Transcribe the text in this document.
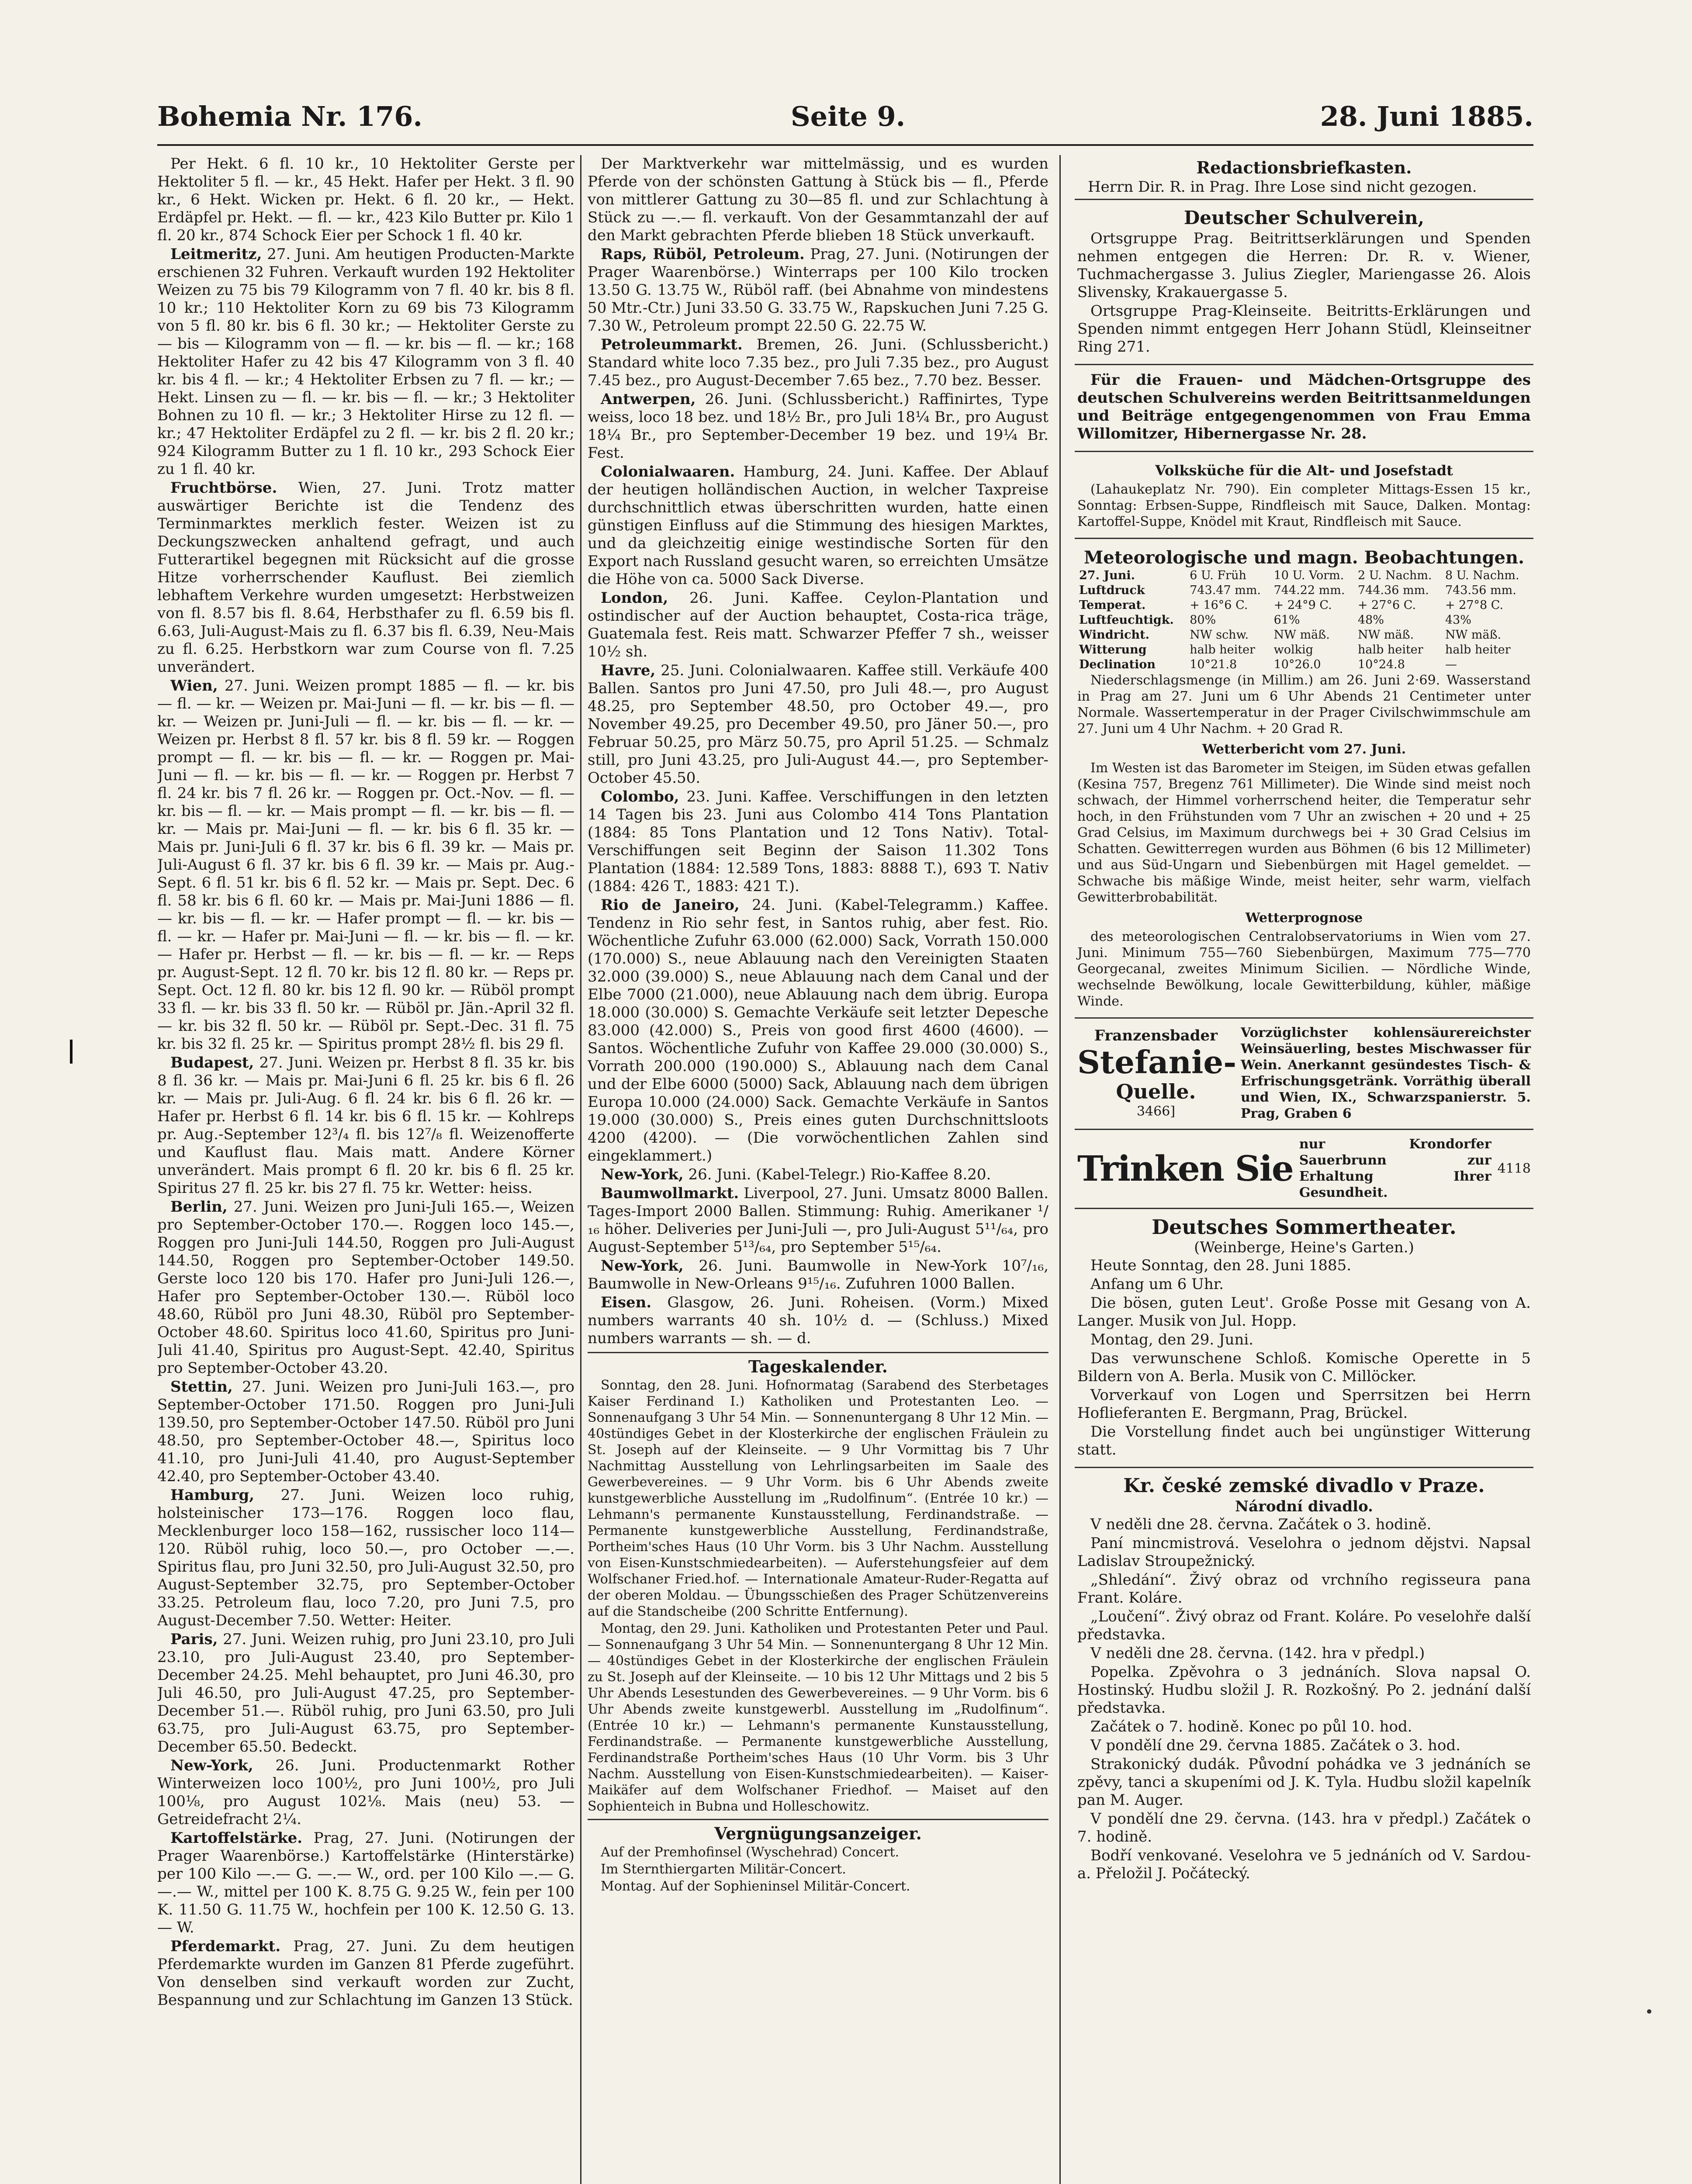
Bohemia Nr. 176.	Seite 9.	28. Juni 1885.
Per Hekt. 6 fl. 10 kr., 10 Hektoliter Gerste per Hektoliter 5 fl. — kr., 45 Hekt. Hafer per Hekt. 3 fl. 90 kr., 6 Hekt. Wicken pr. Hekt. 6 fl. 20 kr., — Hekt. Erdäpfel pr. Hekt. — fl. — kr., 423 Kilo Butter pr. Kilo 1 fl. 20 kr., 874 Schock Eier per Schock 1 fl. 40 kr.
Leitmeritz, 27. Juni. Am heutigen Producten-Markte erschienen 32 Fuhren. Verkauft wurden 192 Hektoliter Weizen zu 75 bis 79 Kilogramm von 7 fl. 40 kr. bis 8 fl. 10 kr.; 110 Hektoliter Korn zu 69 bis 73 Kilogramm von 5 fl. 80 kr. bis 6 fl. 30 kr.; — Hektoliter Gerste zu — bis — Kilogramm von — fl. — kr. bis — fl. — kr.; 168 Hektoliter Hafer zu 42 bis 47 Kilogramm von 3 fl. 40 kr. bis 4 fl. — kr.; 4 Hektoliter Erbsen zu 7 fl. — kr.; — Hekt. Linsen zu — fl. — kr. bis — fl. — kr.; 3 Hektoliter Bohnen zu 10 fl. — kr.; 3 Hektoliter Hirse zu 12 fl. — kr.; 47 Hektoliter Erdäpfel zu 2 fl. — kr. bis 2 fl. 20 kr.; 924 Kilogramm Butter zu 1 fl. 10 kr., 293 Schock Eier zu 1 fl. 40 kr.
Fruchtbörse. Wien, 27. Juni. Trotz matter auswärtiger Berichte ist die Tendenz des Terminmarktes merklich fester. Weizen ist zu Deckungszwecken anhaltend gefragt, und auch Futterartikel begegnen mit Rücksicht auf die grosse Hitze vorherrschender Kauflust. Bei ziemlich lebhaftem Verkehre wurden umgesetzt: Herbstweizen von fl. 8.57 bis fl. 8.64, Herbsthafer zu fl. 6.59 bis fl. 6.63, Juli-August-Mais zu fl. 6.37 bis fl. 6.39, Neu-Mais zu fl. 6.25. Herbstkorn war zum Course von fl. 7.25 unverändert.
Wien, 27. Juni. Weizen prompt 1885 — fl. — kr. bis — fl. — kr. — Weizen pr. Mai-Juni — fl. — kr. bis — fl. — kr. — Weizen pr. Juni-Juli — fl. — kr. bis — fl. — kr. — Weizen pr. Herbst 8 fl. 57 kr. bis 8 fl. 59 kr. — Roggen prompt — fl. — kr. bis — fl. — kr. — Roggen pr. Mai-Juni — fl. — kr. bis — fl. — kr. — Roggen pr. Herbst 7 fl. 24 kr. bis 7 fl. 26 kr. — Roggen pr. Oct.-Nov. — fl. — kr. bis — fl. — kr. — Mais prompt — fl. — kr. bis — fl. — kr. — Mais pr. Mai-Juni — fl. — kr. bis 6 fl. 35 kr. — Mais pr. Juni-Juli 6 fl. 37 kr. bis 6 fl. 39 kr. — Mais pr. Juli-August 6 fl. 37 kr. bis 6 fl. 39 kr. — Mais pr. Aug.-Sept. 6 fl. 51 kr. bis 6 fl. 52 kr. — Mais pr. Sept. Dec. 6 fl. 58 kr. bis 6 fl. 60 kr. — Mais pr. Mai-Juni 1886 — fl. — kr. bis — fl. — kr. — Hafer prompt — fl. — kr. bis — fl. — kr. — Hafer pr. Mai-Juni — fl. — kr. bis — fl. — kr. — Hafer pr. Herbst — fl. — kr. bis — fl. — kr. — Reps pr. August-Sept. 12 fl. 70 kr. bis 12 fl. 80 kr. — Reps pr. Sept. Oct. 12 fl. 80 kr. bis 12 fl. 90 kr. — Rüböl prompt 33 fl. — kr. bis 33 fl. 50 kr. — Rüböl pr. Jän.-April 32 fl. — kr. bis 32 fl. 50 kr. — Rüböl pr. Sept.-Dec. 31 fl. 75 kr. bis 32 fl. 25 kr. — Spiritus prompt 28½ fl. bis 29 fl.
Budapest, 27. Juni. Weizen pr. Herbst 8 fl. 35 kr. bis 8 fl. 36 kr. — Mais pr. Mai-Juni 6 fl. 25 kr. bis 6 fl. 26 kr. — Mais pr. Juli-Aug. 6 fl. 24 kr. bis 6 fl. 26 kr. — Hafer pr. Herbst 6 fl. 14 kr. bis 6 fl. 15 kr. — Kohlreps pr. Aug.-September 12³/₄ fl. bis 12⁷/₈ fl. Weizenofferte und Kauflust flau. Mais matt. Andere Körner unverändert. Mais prompt 6 fl. 20 kr. bis 6 fl. 25 kr. Spiritus 27 fl. 25 kr. bis 27 fl. 75 kr. Wetter: heiss.
Berlin, 27. Juni. Weizen pro Juni-Juli 165.—, Weizen pro September-October 170.—. Roggen loco 145.—, Roggen pro Juni-Juli 144.50, Roggen pro Juli-August 144.50, Roggen pro September-October 149.50. Gerste loco 120 bis 170. Hafer pro Juni-Juli 126.—, Hafer pro September-October 130.—. Rüböl loco 48.60, Rüböl pro Juni 48.30, Rüböl pro September-October 48.60. Spiritus loco 41.60, Spiritus pro Juni-Juli 41.40, Spiritus pro August-Sept. 42.40, Spiritus pro September-October 43.20.
Stettin, 27. Juni. Weizen pro Juni-Juli 163.—, pro September-October 171.50. Roggen pro Juni-Juli 139.50, pro September-October 147.50. Rüböl pro Juni 48.50, pro September-October 48.—, Spiritus loco 41.10, pro Juni-Juli 41.40, pro August-September 42.40, pro September-October 43.40.
Hamburg, 27. Juni. Weizen loco ruhig, holsteinischer 173—176. Roggen loco flau, Mecklenburger loco 158—162, russischer loco 114—120. Rüböl ruhig, loco 50.—, pro October —.—. Spiritus flau, pro Juni 32.50, pro Juli-August 32.50, pro August-September 32.75, pro September-October 33.25. Petroleum flau, loco 7.20, pro Juni 7.5, pro August-December 7.50. Wetter: Heiter.
Paris, 27. Juni. Weizen ruhig, pro Juni 23.10, pro Juli 23.10, pro Juli-August 23.40, pro September-December 24.25. Mehl behauptet, pro Juni 46.30, pro Juli 46.50, pro Juli-August 47.25, pro September-December 51.—. Rüböl ruhig, pro Juni 63.50, pro Juli 63.75, pro Juli-August 63.75, pro September-December 65.50. Bedeckt.
New-York, 26. Juni. Productenmarkt Rother Winterweizen loco 100½, pro Juni 100½, pro Juli 100⅛, pro August 102⅛. Mais (neu) 53. — Getreidefracht 2¼.
Kartoffelstärke. Prag, 27. Juni. (Notirungen der Prager Waarenbörse.) Kartoffelstärke (Hinterstärke) per 100 Kilo —.— G. —.— W., ord. per 100 Kilo —.— G. —.— W., mittel per 100 K. 8.75 G. 9.25 W., fein per 100 K. 11.50 G. 11.75 W., hochfein per 100 K. 12.50 G. 13.— W.
Pferdemarkt. Prag, 27. Juni. Zu dem heutigen Pferdemarkte wurden im Ganzen 81 Pferde zugeführt. Von denselben sind verkauft worden zur Zucht, Bespannung und zur Schlachtung im Ganzen 13 Stück.
Der Marktverkehr war mittelmässig, und es wurden Pferde von der schönsten Gattung à Stück bis — fl., Pferde von mittlerer Gattung zu 30—85 fl. und zur Schlachtung à Stück zu —.— fl. verkauft. Von der Gesammtanzahl der auf den Markt gebrachten Pferde blieben 18 Stück unverkauft.
Raps, Rüböl, Petroleum. Prag, 27. Juni. (Notirungen der Prager Waarenbörse.) Winterraps per 100 Kilo trocken 13.50 G. 13.75 W., Rüböl raff. (bei Abnahme von mindestens 50 Mtr.-Ctr.) Juni 33.50 G. 33.75 W., Rapskuchen Juni 7.25 G. 7.30 W., Petroleum prompt 22.50 G. 22.75 W.
Petroleummarkt. Bremen, 26. Juni. (Schlussbericht.) Standard white loco 7.35 bez., pro Juli 7.35 bez., pro August 7.45 bez., pro August-December 7.65 bez., 7.70 bez. Besser.
Antwerpen, 26. Juni. (Schlussbericht.) Raffinirtes, Type weiss, loco 18 bez. und 18½ Br., pro Juli 18¼ Br., pro August 18¼ Br., pro September-December 19 bez. und 19¼ Br. Fest.
Colonialwaaren. Hamburg, 24. Juni. Kaffee. Der Ablauf der heutigen holländischen Auction, in welcher Taxpreise durchschnittlich etwas überschritten wurden, hatte einen günstigen Einfluss auf die Stimmung des hiesigen Marktes, und da gleichzeitig einige westindische Sorten für den Export nach Russland gesucht waren, so erreichten Umsätze die Höhe von ca. 5000 Sack Diverse.
London, 26. Juni. Kaffee. Ceylon-Plantation und ostindischer auf der Auction behauptet, Costa-rica träge, Guatemala fest. Reis matt. Schwarzer Pfeffer 7 sh., weisser 10½ sh.
Havre, 25. Juni. Colonialwaaren. Kaffee still. Verkäufe 400 Ballen. Santos pro Juni 47.50, pro Juli 48.—, pro August 48.25, pro September 48.50, pro October 49.—, pro November 49.25, pro December 49.50, pro Jäner 50.—, pro Februar 50.25, pro März 50.75, pro April 51.25. — Schmalz still, pro Juni 43.25, pro Juli-August 44.—, pro September-October 45.50.
Colombo, 23. Juni. Kaffee. Verschiffungen in den letzten 14 Tagen bis 23. Juni aus Colombo 414 Tons Plantation (1884: 85 Tons Plantation und 12 Tons Nativ). Total-Verschiffungen seit Beginn der Saison 11.302 Tons Plantation (1884: 12.589 Tons, 1883: 8888 T.), 693 T. Nativ (1884: 426 T., 1883: 421 T.).
Rio de Janeiro, 24. Juni. (Kabel-Telegramm.) Kaffee. Tendenz in Rio sehr fest, in Santos ruhig, aber fest. Rio. Wöchentliche Zufuhr 63.000 (62.000) Sack, Vorrath 150.000 (170.000) S., neue Ablauung nach den Vereinigten Staaten 32.000 (39.000) S., neue Ablauung nach dem Canal und der Elbe 7000 (21.000), neue Ablauung nach dem übrig. Europa 18.000 (30.000) S. Gemachte Verkäufe seit letzter Depesche 83.000 (42.000) S., Preis von good first 4600 (4600). — Santos. Wöchentliche Zufuhr von Kaffee 29.000 (30.000) S., Vorrath 200.000 (190.000) S., Ablauung nach dem Canal und der Elbe 6000 (5000) Sack, Ablauung nach dem übrigen Europa 10.000 (24.000) Sack. Gemachte Verkäufe in Santos 19.000 (30.000) S., Preis eines guten Durchschnittsloots 4200 (4200). — (Die vorwöchentlichen Zahlen sind eingeklammert.)
New-York, 26. Juni. (Kabel-Telegr.) Rio-Kaffee 8.20.
Baumwollmarkt. Liverpool, 27. Juni. Umsatz 8000 Ballen. Tages-Import 2000 Ballen. Stimmung: Ruhig. Amerikaner ¹/₁₆ höher. Deliveries per Juni-Juli —, pro Juli-August 5¹¹/₆₄, pro August-September 5¹³/₆₄, pro September 5¹⁵/₆₄.
New-York, 26. Juni. Baumwolle in New-York 10⁷/₁₆, Baumwolle in New-Orleans 9¹⁵/₁₆. Zufuhren 1000 Ballen.
Eisen. Glasgow, 26. Juni. Roheisen. (Vorm.) Mixed numbers warrants 40 sh. 10½ d. — (Schluss.) Mixed numbers warrants — sh. — d.
Tageskalender.
Sonntag, den 28. Juni. Hofnormatag (Sarabend des Sterbetages Kaiser Ferdinand I.) Katholiken und Protestanten Leo. — Sonnenaufgang 3 Uhr 54 Min. — Sonnenuntergang 8 Uhr 12 Min. — 40stündiges Gebet in der Klosterkirche der englischen Fräulein zu St. Joseph auf der Kleinseite. — 9 Uhr Vormittag bis 7 Uhr Nachmittag Ausstellung von Lehrlingsarbeiten im Saale des Gewerbevereines. — 9 Uhr Vorm. bis 6 Uhr Abends zweite kunstgewerbliche Ausstellung im „Rudolfinum“. (Entrée 10 kr.) — Lehmann's permanente Kunstausstellung, Ferdinandstraße. — Permanente kunstgewerbliche Ausstellung, Ferdinandstraße, Portheim'sches Haus (10 Uhr Vorm. bis 3 Uhr Nachm. Ausstellung von Eisen-Kunstschmiedearbeiten). — Auferstehungsfeier auf dem Wolfschaner Fried.hof. — Internationale Amateur-Ruder-Regatta auf der oberen Moldau. — Übungsschießen des Prager Schützenvereins auf die Standscheibe (200 Schritte Entfernung).
Montag, den 29. Juni. Katholiken und Protestanten Peter und Paul. — Sonnenaufgang 3 Uhr 54 Min. — Sonnenuntergang 8 Uhr 12 Min. — 40stündiges Gebet in der Klosterkirche der englischen Fräulein zu St. Joseph auf der Kleinseite. — 10 bis 12 Uhr Mittags und 2 bis 5 Uhr Abends Lesestunden des Gewerbevereines. — 9 Uhr Vorm. bis 6 Uhr Abends zweite kunstgewerbl. Ausstellung im „Rudolfinum“. (Entrée 10 kr.) — Lehmann's permanente Kunstausstellung, Ferdinandstraße. — Permanente kunstgewerbliche Ausstellung, Ferdinandstraße Portheim'sches Haus (10 Uhr Vorm. bis 3 Uhr Nachm. Ausstellung von Eisen-Kunstschmiedearbeiten). — Kaiser-Maikäfer auf dem Wolfschaner Friedhof. — Maiset auf den Sophienteich in Bubna und Holleschowitz.
Vergnügungsanzeiger.
Auf der Premhofinsel (Wyschehrad) Concert.
Im Sternthiergarten Militär-Concert.
Montag. Auf der Sophieninsel Militär-Concert.
Redactionsbriefkasten.
Herrn Dir. R. in Prag. Ihre Lose sind nicht gezogen.
Deutscher Schulverein,
Ortsgruppe Prag. Beitrittserklärungen und Spenden nehmen entgegen die Herren: Dr. R. v. Wiener, Tuchmachergasse 3. Julius Ziegler, Mariengasse 26. Alois Slivensky, Krakauergasse 5.
Ortsgruppe Prag-Kleinseite. Beitritts-Erklärungen und Spenden nimmt entgegen Herr Johann Stüdl, Kleinseitner Ring 271.
Für die Frauen- und Mädchen-Ortsgruppe des deutschen Schulvereins werden Beitrittsanmeldungen und Beiträge entgegengenommen von Frau Emma Willomitzer, Hibernergasse Nr. 28.
Volksküche für die Alt- und Josefstadt
(Lahaukeplatz Nr. 790). Ein completer Mittags-Essen 15 kr., Sonntag: Erbsen-Suppe, Rindfleisch mit Sauce, Dalken. Montag: Kartoffel-Suppe, Knödel mit Kraut, Rindfleisch mit Sauce.
Meteorologische und magn. Beobachtungen.
27. Juni.	6 U. Früh	10 U. Vorm.	2 U. Nachm.	8 U. Nachm.
Luftdruck	743.47 mm.	744.22 mm.	744.36 mm.	743.56 mm.
Temperat.	+ 16°6 C.	+ 24°9 C.	+ 27°6 C.	+ 27°8 C.
Luftfeuchtigk.	80%	61%	48%	43%
Windricht.	NW schw.	NW mäß.	NW mäß.	NW mäß.
Witterung	halb heiter	wolkig	halb heiter	halb heiter
Declination	10°21.8	10°26.0	10°24.8	—
Niederschlagsmenge (in Millim.) am 26. Juni 2·69. Wasserstand in Prag am 27. Juni um 6 Uhr Abends 21 Centimeter unter Normale. Wassertemperatur in der Prager Civilschwimmschule am 27. Juni um 4 Uhr Nachm. + 20 Grad R.
Wetterbericht vom 27. Juni.
Im Westen ist das Barometer im Steigen, im Süden etwas gefallen (Kesina 757, Bregenz 761 Millimeter). Die Winde sind meist noch schwach, der Himmel vorherrschend heiter, die Temperatur sehr hoch, in den Frühstunden vom 7 Uhr an zwischen + 20 und + 25 Grad Celsius, im Maximum durchwegs bei + 30 Grad Celsius im Schatten. Gewitterregen wurden aus Böhmen (6 bis 12 Millimeter) und aus Süd-Ungarn und Siebenbürgen mit Hagel gemeldet. — Schwache bis mäßige Winde, meist heiter, sehr warm, vielfach Gewitterbrobabilität.
Wetterprognose
des meteorologischen Centralobservatoriums in Wien vom 27. Juni. Minimum 755—760 Siebenbürgen, Maximum 775—770 Georgecanal, zweites Minimum Sicilien. — Nördliche Winde, wechselnde Bewölkung, locale Gewitterbildung, kühler, mäßige Winde.
Franzensbader
Stefanie-
Quelle.
3466]
Vorzüglichster kohlensäurereichster Weinsäuerling, bestes Mischwasser für Wein. Anerkannt gesündestes Tisch- & Erfrischungsgetränk. Vorräthig überall und Wien, IX., Schwarzspanierstr. 5. Prag, Graben 6
Trinken Sie
nur Krondorfer Sauerbrunn zur Erhaltung Ihrer Gesundheit.
4118
Deutsches Sommertheater.
(Weinberge, Heine's Garten.)
Heute Sonntag, den 28. Juni 1885.
Anfang um 6 Uhr.
Die bösen, guten Leut'. Große Posse mit Gesang von A. Langer. Musik von Jul. Hopp.
Montag, den 29. Juni.
Das verwunschene Schloß. Komische Operette in 5 Bildern von A. Berla. Musik von C. Millöcker.
Vorverkauf von Logen und Sperrsitzen bei Herrn Hoflieferanten E. Bergmann, Prag, Brückel.
Die Vorstellung findet auch bei ungünstiger Witterung statt.
Kr. české zemské divadlo v Praze.
Národní divadlo.
V neděli dne 28. června. Začátek o 3. hodině.
Paní mincmistrová. Veselohra o jednom dějstvi. Napsal Ladislav Stroupežnický.
„Shledání“. Živý obraz od vrchního regisseura pana Frant. Koláre.
„Loučení“. Živý obraz od Frant. Koláre. Po veselohře další představka.
V neděli dne 28. června. (142. hra v předpl.)
Popelka. Zpěvohra o 3 jednáních. Slova napsal O. Hostinský. Hudbu složil J. R. Rozkošný. Po 2. jednání další představka.
Začátek o 7. hodině. Konec po půl 10. hod.
V pondělí dne 29. června 1885. Začátek o 3. hod.
Strakonický dudák. Původní pohádka ve 3 jednáních se zpěvy, tanci a skupeními od J. K. Tyla. Hudbu složil kapelník pan M. Auger.
V pondělí dne 29. června. (143. hra v předpl.) Začátek o 7. hodině.
Bodří venkované. Veselohra ve 5 jednáních od V. Sardou-a. Přeložil J. Počátecký.
